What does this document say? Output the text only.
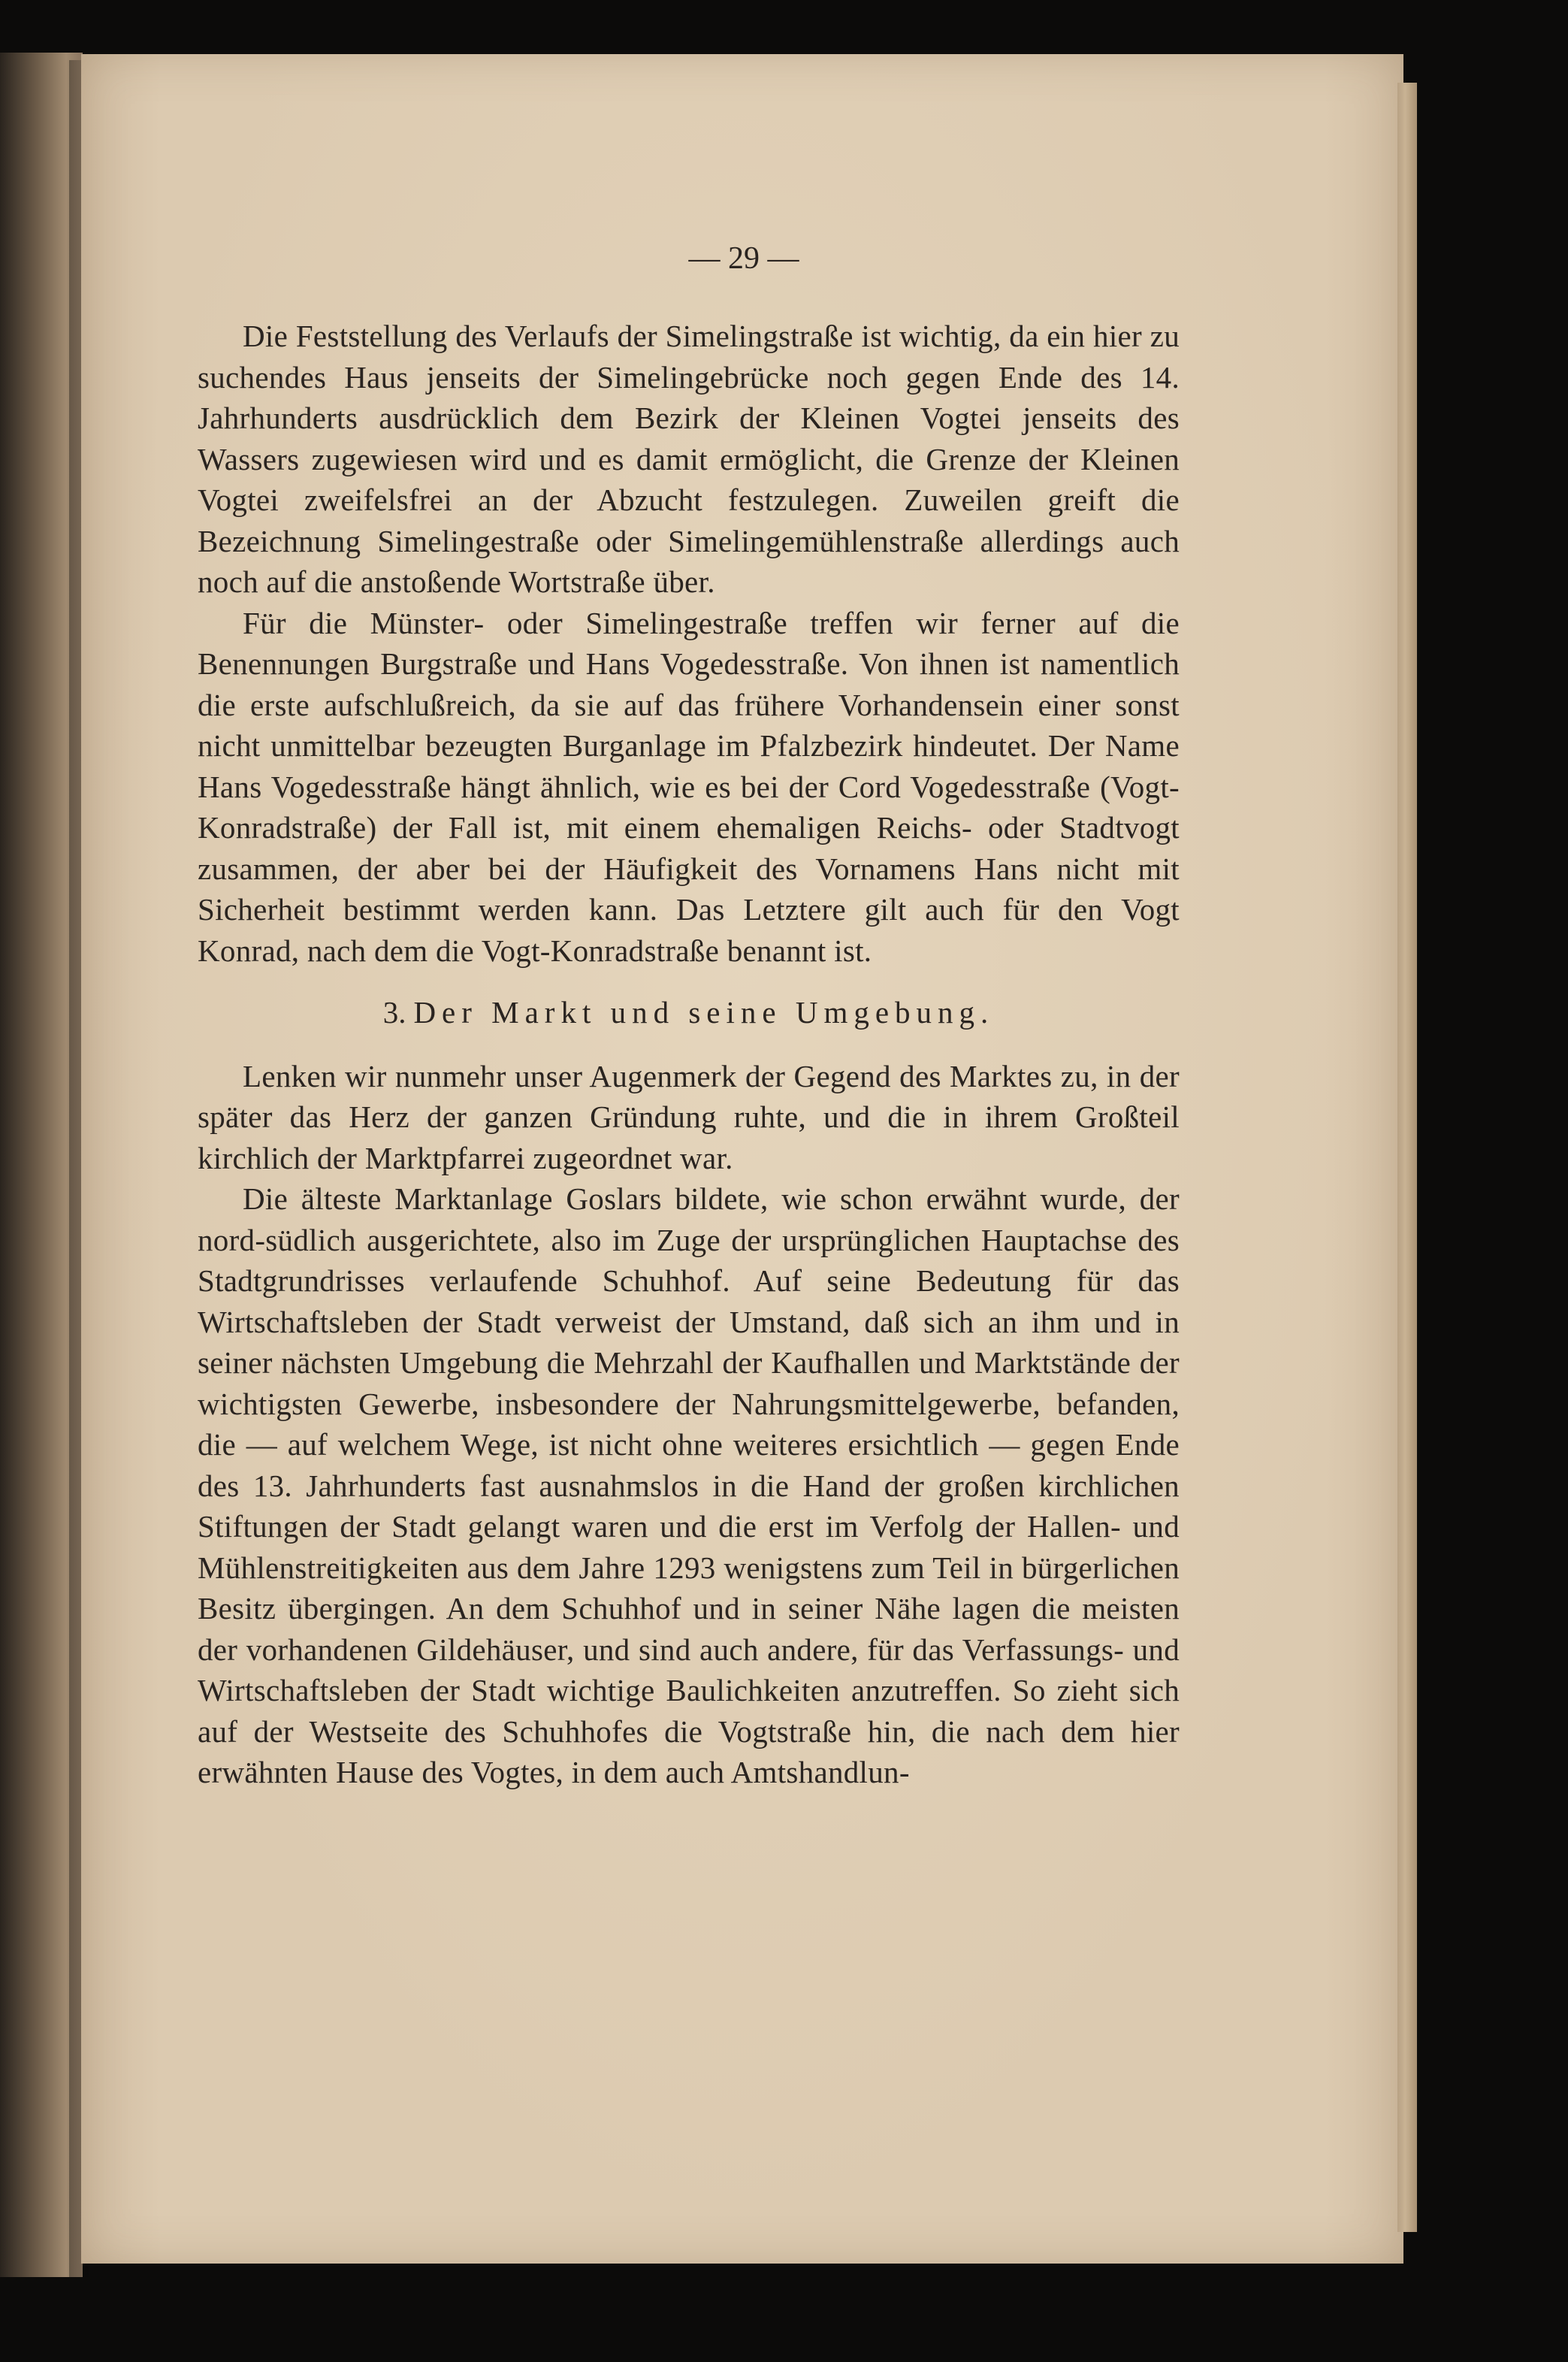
— 29 —

Die Feststellung des Verlaufs der Simelingstraße ist wichtig, da ein hier zu suchendes Haus jenseits der Simelingebrücke noch gegen Ende des 14. Jahrhunderts ausdrücklich dem Bezirk der Kleinen Vogtei jenseits des Wassers zugewiesen wird und es damit ermöglicht, die Grenze der Kleinen Vogtei zweifelsfrei an der Abzucht festzulegen. Zuweilen greift die Bezeichnung Simelingestraße oder Simelingemühlenstraße allerdings auch noch auf die anstoßende Wortstraße über.

Für die Münster- oder Simelingestraße treffen wir ferner auf die Benennungen Burgstraße und Hans Vogedesstraße. Von ihnen ist namentlich die erste aufschlußreich, da sie auf das frühere Vorhandensein einer sonst nicht unmittelbar bezeugten Burganlage im Pfalzbezirk hindeutet. Der Name Hans Vogedesstraße hängt ähnlich, wie es bei der Cord Vogedesstraße (Vogt-Konradstraße) der Fall ist, mit einem ehemaligen Reichs- oder Stadtvogt zusammen, der aber bei der Häufigkeit des Vornamens Hans nicht mit Sicherheit bestimmt werden kann. Das Letztere gilt auch für den Vogt Konrad, nach dem die Vogt-Konradstraße benannt ist.

3. Der Markt und seine Umgebung.

Lenken wir nunmehr unser Augenmerk der Gegend des Marktes zu, in der später das Herz der ganzen Gründung ruhte, und die in ihrem Großteil kirchlich der Marktpfarrei zugeordnet war.

Die älteste Marktanlage Goslars bildete, wie schon erwähnt wurde, der nord-südlich ausgerichtete, also im Zuge der ursprünglichen Hauptachse des Stadtgrundrisses verlaufende Schuhhof. Auf seine Bedeutung für das Wirtschaftsleben der Stadt verweist der Umstand, daß sich an ihm und in seiner nächsten Umgebung die Mehrzahl der Kaufhallen und Marktstände der wichtigsten Gewerbe, insbesondere der Nahrungsmittelgewerbe, befanden, die — auf welchem Wege, ist nicht ohne weiteres ersichtlich — gegen Ende des 13. Jahrhunderts fast ausnahmslos in die Hand der großen kirchlichen Stiftungen der Stadt gelangt waren und die erst im Verfolg der Hallen- und Mühlenstreitigkeiten aus dem Jahre 1293 wenigstens zum Teil in bürgerlichen Besitz übergingen. An dem Schuhhof und in seiner Nähe lagen die meisten der vorhandenen Gildehäuser, und sind auch andere, für das Verfassungs- und Wirtschaftsleben der Stadt wichtige Baulichkeiten anzutreffen. So zieht sich auf der Westseite des Schuhhofes die Vogtstraße hin, die nach dem hier erwähnten Hause des Vogtes, in dem auch Amtshandlun-
